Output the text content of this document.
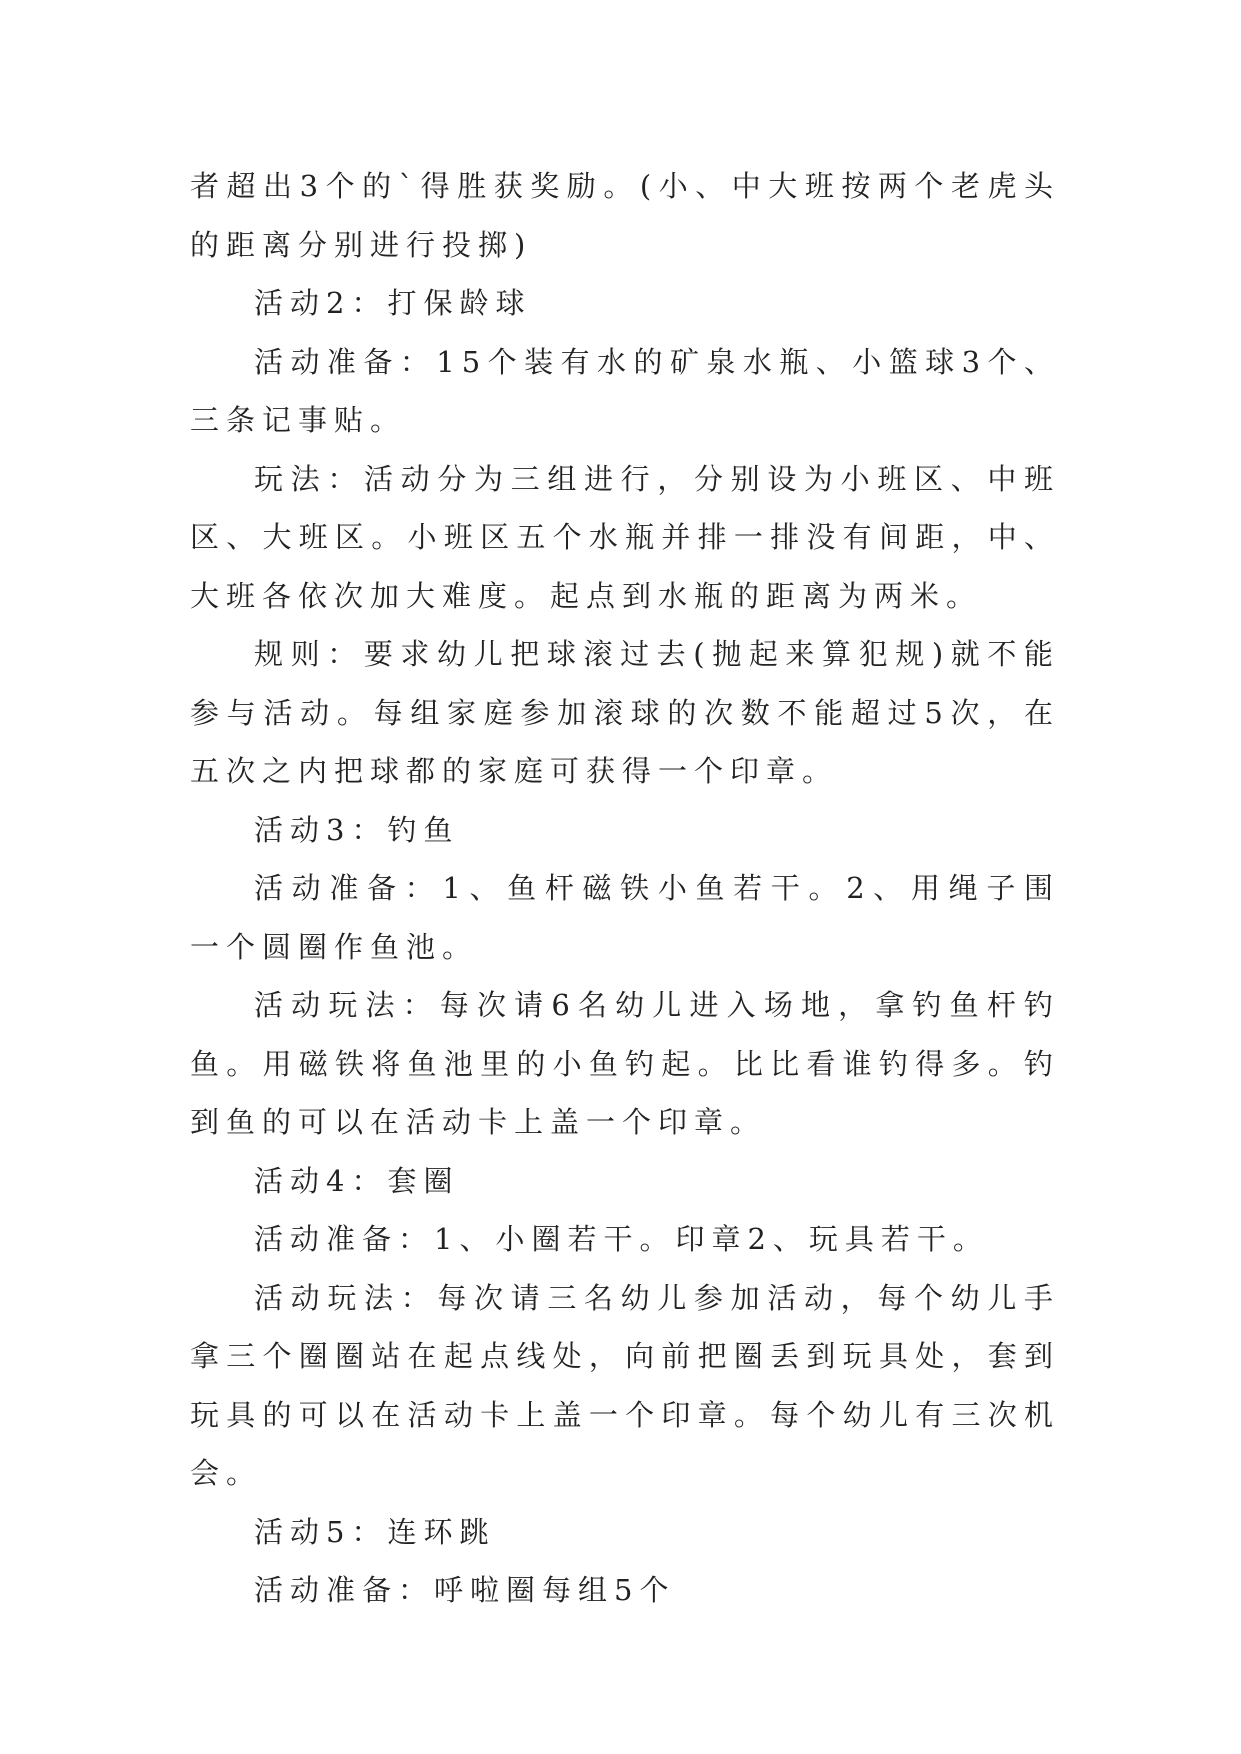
者超出3个的`得胜获奖励。(小、中大班按两个老虎头的距离分别进行投掷)

活动2：打保龄球

活动准备：15个装有水的矿泉水瓶、小篮球3个、三条记事贴。

玩法：活动分为三组进行，分别设为小班区、中班区、大班区。小班区五个水瓶并排一排没有间距，中、大班各依次加大难度。起点到水瓶的距离为两米。

规则：要求幼儿把球滚过去(抛起来算犯规)就不能参与活动。每组家庭参加滚球的次数不能超过5次，在五次之内把球都的家庭可获得一个印章。

活动3：钓鱼

活动准备：1、鱼杆磁铁小鱼若干。2、用绳子围一个圆圈作鱼池。

活动玩法：每次请6名幼儿进入场地，拿钓鱼杆钓鱼。用磁铁将鱼池里的小鱼钓起。比比看谁钓得多。钓到鱼的可以在活动卡上盖一个印章。

活动4：套圈

活动准备：1、小圈若干。印章2、玩具若干。

活动玩法：每次请三名幼儿参加活动，每个幼儿手拿三个圈圈站在起点线处，向前把圈丢到玩具处，套到玩具的可以在活动卡上盖一个印章。每个幼儿有三次机会。

活动5：连环跳

活动准备：呼啦圈每组5个
